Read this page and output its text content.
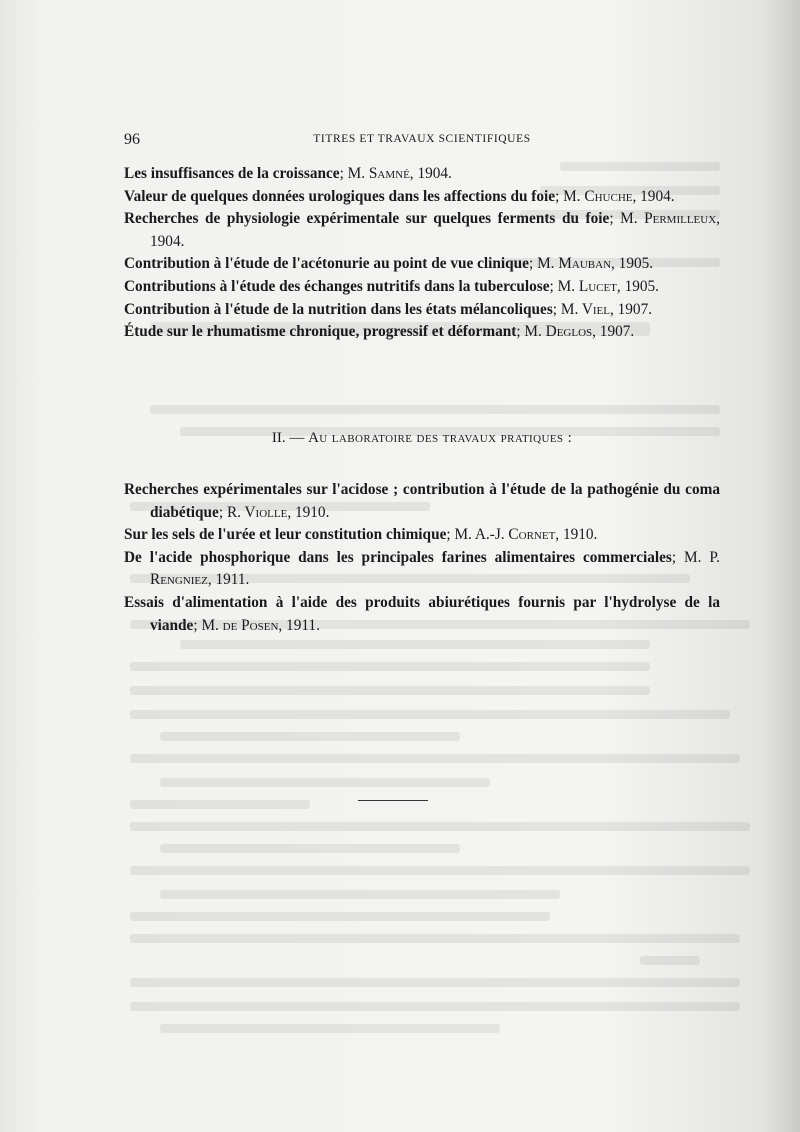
96	TITRES ET TRAVAUX SCIENTIFIQUES

Les insuffisances de la croissance; M. Samné, 1904.

Valeur de quelques données urologiques dans les affections du foie; M. Chuche, 1904.

Recherches de physiologie expérimentale sur quelques ferments du foie; M. Permilleux, 1904.

Contribution à l'étude de l'acétonurie au point de vue clinique; M. Mauban, 1905.

Contributions à l'étude des échanges nutritifs dans la tuberculose; M. Lucet, 1905.

Contribution à l'étude de la nutrition dans les états mélancoliques; M. Viel, 1907.

Étude sur le rhumatisme chronique, progressif et déformant; M. Deglos, 1907.

II. — Au laboratoire des travaux pratiques :

Recherches expérimentales sur l'acidose ; contribution à l'étude de la pathogénie du coma diabétique; R. Violle, 1910.

Sur les sels de l'urée et leur constitution chimique; M. A.-J. Cornet, 1910.

De l'acide phosphorique dans les principales farines alimentaires commerciales; M. P. Rengniez, 1911.

Essais d'alimentation à l'aide des produits abiurétiques fournis par l'hydrolyse de la viande; M. de Posen, 1911.
